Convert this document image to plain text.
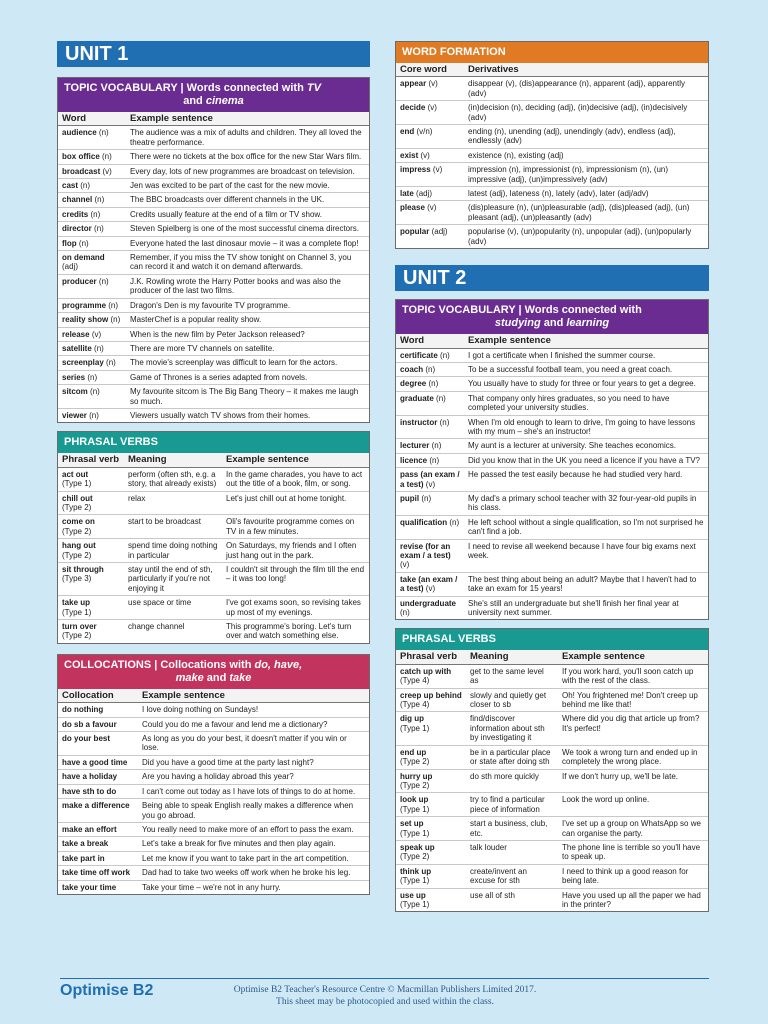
UNIT 1
TOPIC VOCABULARY | Words connected with TV
and cinema
Word	Example sentence
audience (n)	The audience was a mix of adults and children. They all loved the theatre performance.
box office (n)	There were no tickets at the box office for the new Star Wars film.
broadcast (v)	Every day, lots of new programmes are broadcast on television.
cast (n)	Jen was excited to be part of the cast for the new movie.
channel (n)	The BBC broadcasts over different channels in the UK.
credits (n)	Credits usually feature at the end of a film or TV show.
director (n)	Steven Spielberg is one of the most successful cinema directors.
flop (n)	Everyone hated the last dinosaur movie – it was a complete flop!
on demand (adj)	Remember, if you miss the TV show tonight on Channel 3, you can record it and watch it on demand afterwards.
producer (n)	J.K. Rowling wrote the Harry Potter books and was also the producer of the last two films.
programme (n)	Dragon's Den is my favourite TV programme.
reality show (n)	MasterChef is a popular reality show.
release (v)	When is the new film by Peter Jackson released?
satellite (n)	There are more TV channels on satellite.
screenplay (n)	The movie's screenplay was difficult to learn for the actors.
series (n)	Game of Thrones is a series adapted from novels.
sitcom (n)	My favourite sitcom is The Big Bang Theory – it makes me laugh so much.
viewer (n)	Viewers usually watch TV shows from their homes.
PHRASAL VERBS
Phrasal verb	Meaning	Example sentence

act out
(Type 1)	perform (often sth, e.g. a story, that already exists)	In the game charades, you have to act out the title of a book, film, or song.

chill out
(Type 2)	relax	Let's just chill out at home tonight.

come on
(Type 2)	start to be broadcast	Oli's favourite programme comes on TV in a few minutes.

hang out
(Type 2)	spend time doing nothing in particular	On Saturdays, my friends and I often just hang out in the park.

sit through
(Type 3)	stay until the end of sth, particularly if you're not enjoying it	I couldn't sit through the film till the end – it was too long!

take up
(Type 1)	use space or time	I've got exams soon, so revising takes up most of my evenings.

turn over
(Type 2)	change channel	This programme's boring. Let's turn over and watch something else.
COLLOCATIONS | Collocations with do, have,
make and take
Collocation	Example sentence
do nothing	I love doing nothing on Sundays!
do sb a favour	Could you do me a favour and lend me a dictionary?
do your best	As long as you do your best, it doesn't matter if you win or lose.
have a good time	Did you have a good time at the party last night?
have a holiday	Are you having a holiday abroad this year?
have sth to do	I can't come out today as I have lots of things to do at home.
make a difference	Being able to speak English really makes a difference when you go abroad.
make an effort	You really need to make more of an effort to pass the exam.
take a break	Let's take a break for five minutes and then play again.
take part in	Let me know if you want to take part in the art competition.
take time off work	Dad had to take two weeks off work when he broke his leg.
take your time	Take your time – we're not in any hurry.
WORD FORMATION
Core word	Derivatives
appear (v)	disappear (v), (dis)appearance (n), apparent (adj), apparently (adv)
decide (v)	(in)decision (n), deciding (adj), (in)decisive (adj), (in)decisively (adv)
end (v/n)	ending (n), unending (adj), unendingly (adv), endless (adj), endlessly (adv)
exist (v)	existence (n), existing (adj)
impress (v)	impression (n), impressionist (n), impressionism (n), (un) impressive (adj), (un)impressively (adv)
late (adj)	latest (adj), lateness (n), lately (adv), later (adj/adv)
please (v)	(dis)pleasure (n), (un)pleasurable (adj), (dis)pleased (adj), (un) pleasant (adj), (un)pleasantly (adv)
popular (adj)	popularise (v), (un)popularity (n), unpopular (adj), (un)popularly (adv)
UNIT 2
TOPIC VOCABULARY | Words connected with
studying and learning
Word	Example sentence
certificate (n)	I got a certificate when I finished the summer course.
coach (n)	To be a successful football team, you need a great coach.
degree (n)	You usually have to study for three or four years to get a degree.
graduate (n)	That company only hires graduates, so you need to have completed your university studies.
instructor (n)	When I'm old enough to learn to drive, I'm going to have lessons with my mum – she's an instructor!
lecturer (n)	My aunt is a lecturer at university. She teaches economics.
licence (n)	Did you know that in the UK you need a licence if you have a TV?
pass (an exam / a test) (v)	He passed the test easily because he had studied very hard.
pupil (n)	My dad's a primary school teacher with 32 four-year-old pupils in his class.
qualification (n)	He left school without a single qualification, so I'm not surprised he can't find a job.
revise (for an exam / a test) (v)	I need to revise all weekend because I have four big exams next week.
take (an exam / a test) (v)	The best thing about being an adult? Maybe that I haven't had to take an exam for 15 years!
undergraduate (n)	She's still an undergraduate but she'll finish her final year at university next summer.
PHRASAL VERBS
Phrasal verb	Meaning	Example sentence

catch up with
(Type 4)	get to the same level as	If you work hard, you'll soon catch up with the rest of the class.

creep up behind
(Type 4)	slowly and quietly get closer to sb	Oh! You frightened me! Don't creep up behind me like that!

dig up
(Type 1)	find/discover information about sth by investigating it	Where did you dig that article up from? It's perfect!

end up
(Type 2)	be in a particular place or state after doing sth	We took a wrong turn and ended up in completely the wrong place.

hurry up
(Type 2)	do sth more quickly	If we don't hurry up, we'll be late.

look up
(Type 1)	try to find a particular piece of information	Look the word up online.

set up
(Type 1)	start a business, club, etc.	I've set up a group on WhatsApp so we can organise the party.

speak up
(Type 2)	talk louder	The phone line is terrible so you'll have to speak up.

think up
(Type 1)	create/invent an excuse for sth	I need to think up a good reason for being late.

use up
(Type 1)	use all of sth	Have you used up all the paper we had in the printer?
Optimise B2	Optimise B2 Teacher's Resource Centre © Macmillan Publishers Limited 2017.
This sheet may be photocopied and used within the class.
